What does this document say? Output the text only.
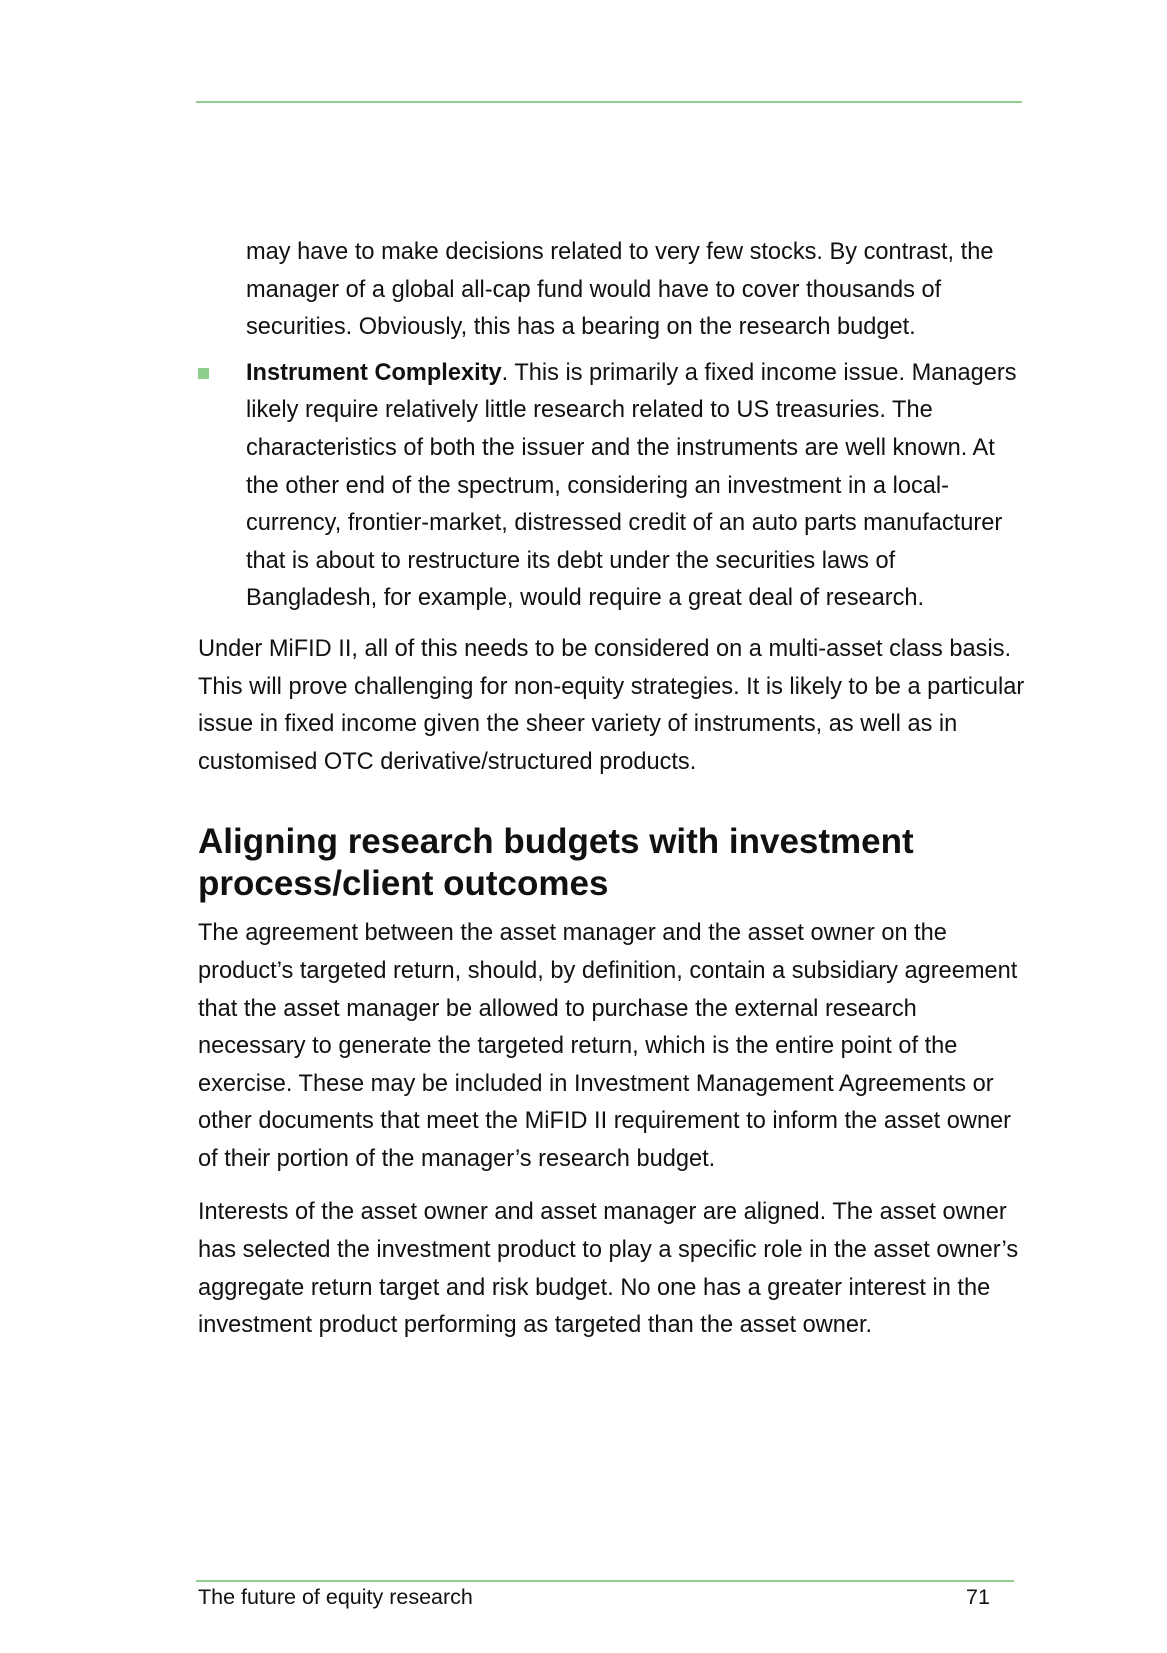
may have to make decisions related to very few stocks. By contrast, the manager of a global all-cap fund would have to cover thousands of securities. Obviously, this has a bearing on the research budget.

Instrument Complexity. This is primarily a fixed income issue. Managers likely require relatively little research related to US treasuries. The characteristics of both the issuer and the instruments are well known. At the other end of the spectrum, considering an investment in a local-currency, frontier-market, distressed credit of an auto parts manufacturer that is about to restructure its debt under the securities laws of Bangladesh, for example, would require a great deal of research.

Under MiFID II, all of this needs to be considered on a multi-asset class basis. This will prove challenging for non-equity strategies. It is likely to be a particular issue in fixed income given the sheer variety of instruments, as well as in customised OTC derivative/structured products.

Aligning research budgets with investment process/client outcomes

The agreement between the asset manager and the asset owner on the product’s targeted return, should, by definition, contain a subsidiary agreement that the asset manager be allowed to purchase the external research necessary to generate the targeted return, which is the entire point of the exercise. These may be included in Investment Management Agreements or other documents that meet the MiFID II requirement to inform the asset owner of their portion of the manager’s research budget.

Interests of the asset owner and asset manager are aligned. The asset owner has selected the investment product to play a specific role in the asset owner’s aggregate return target and risk budget. No one has a greater interest in the investment product performing as targeted than the asset owner.

The future of equity research	71
